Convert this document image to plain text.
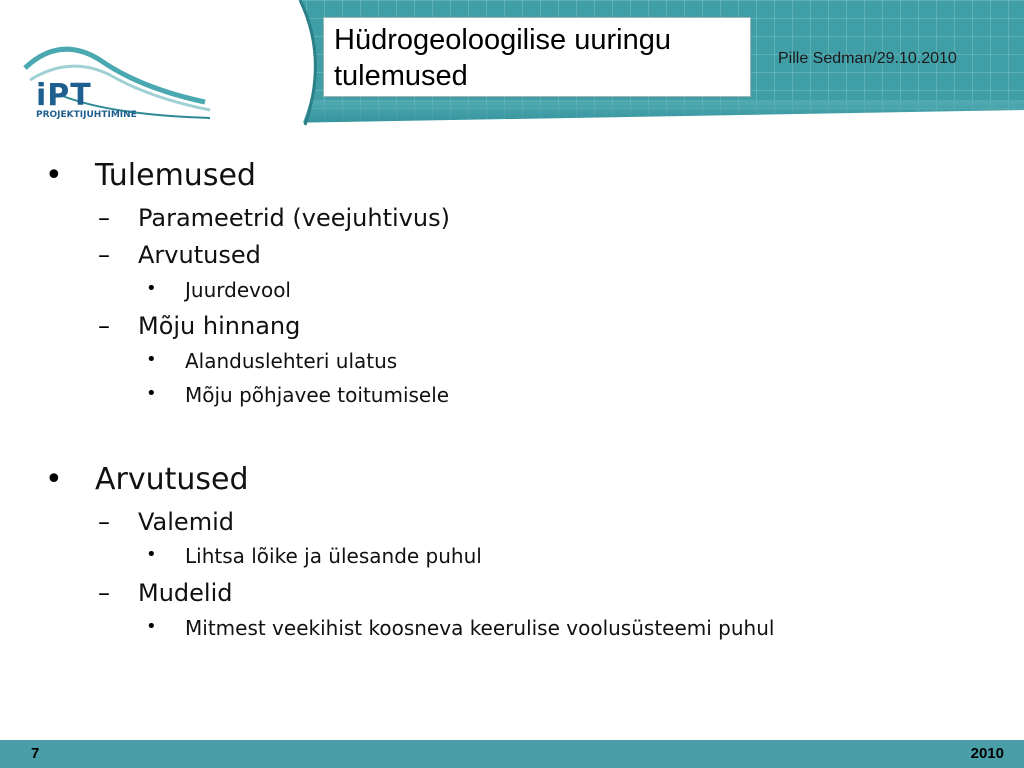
iPT
PROJEKTIJUHTIMINE
Hüdrogeoloogilise uuringu
tulemused
Pille Sedman/29.10.2010
• Tulemused
– Parameetrid (veejuhtivus)
– Arvutused
• Juurdevool
– Mõju hinnang
• Alanduslehteri ulatus
• Mõju põhjavee toitumisele
• Arvutused
– Valemid
• Lihtsa lõike ja ülesande puhul
– Mudelid
• Mitmest veekihist koosneva keerulise voolusüsteemi puhul
7	2010
